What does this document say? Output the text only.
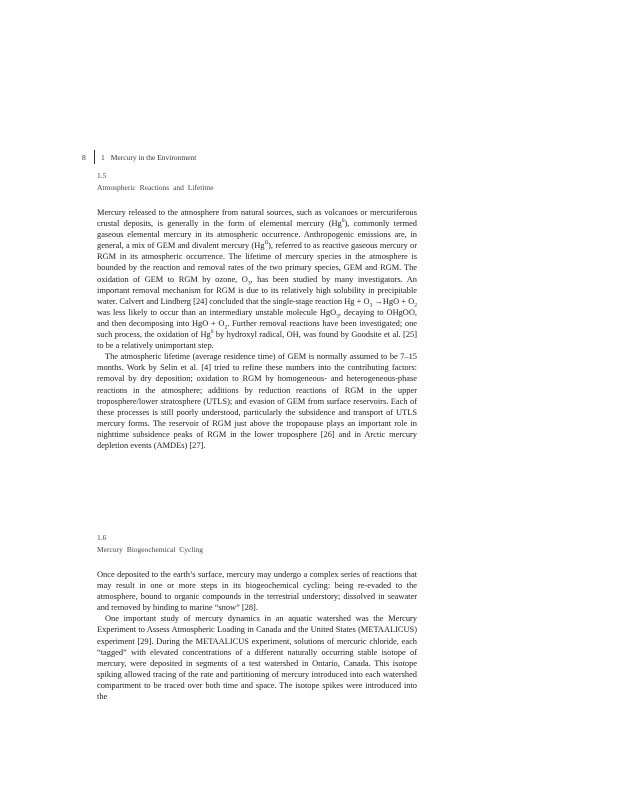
8	1 Mercury in the Environment
1.5
Atmospheric Reactions and Lifetime

Mercury released to the atmosphere from natural sources, such as volcanoes or mercuriferous crustal deposits, is generally in the form of elemental mercury (Hg$^0$), commonly termed gaseous elemental mercury in its atmospheric occurrence. Anthropogenic emissions are, in general, a mix of GEM and divalent mercury $(Hg^{II})$, referred to as reactive gaseous mercury or RGM in its atmospheric occurrence. The lifetime of mercury species in the atmosphere is bounded by the reaction and removal rates of the two primary species, GEM and RGM. The oxidation of GEM to RGM by ozone, $O_3$, has been studied by many investigators. An important removal mechanism for RGM is due to its relatively high solubility in precipitable water. Calvert and Lindberg [24] concluded that the single-stage reaction $Hg + O_3 \to HgO + O_2$ was less likely to occur than an intermediary unstable molecule HgO$_3$, decaying to OHgOO, and then decomposing into HgO + $O_2$. Further removal reactions have been investigated; one such process, the oxidation of Hg$^0$ by hydroxyl radical, OH, was found by Goodsite et al. [25] to be a relatively unimportant step.

The atmospheric lifetime (average residence time) of GEM is normally assumed to be 7–15 months. Work by Selin et al. [4] tried to refine these numbers into the contributing factors: removal by dry deposition; oxidation to RGM by homogeneous- and heterogeneous-phase reactions in the atmosphere; additions by reduction reactions of RGM in the upper troposphere/lower stratosphere (UTLS); and evasion of GEM from surface reservoirs. Each of these processes is still poorly understood, particularly the subsidence and transport of UTLS mercury forms. The reservoir of RGM just above the tropopause plays an important role in nighttime subsidence peaks of RGM in the lower troposphere [26] and in Arctic mercury depletion events (AMDEs) [27].

1.6
Mercury Biogeochemical Cycling

Once deposited to the earth’s surface, mercury may undergo a complex series of reactions that may result in one or more steps in its biogeochemical cycling: being re-evaded to the atmosphere, bound to organic compounds in the terrestrial understory; dissolved in seawater and removed by binding to marine “snow” [28].

One important study of mercury dynamics in an aquatic watershed was the Mercury Experiment to Assess Atmospheric Loading in Canada and the United States (METAALICUS) experiment [29]. During the METAALICUS experiment, solutions of mercuric chloride, each “tagged” with elevated concentrations of a different naturally occurring stable isotope of mercury, were deposited in segments of a test watershed in Ontario, Canada. This isotope spiking allowed tracing of the rate and partitioning of mercury introduced into each watershed compartment to be traced over both time and space. The isotope spikes were introduced into the
